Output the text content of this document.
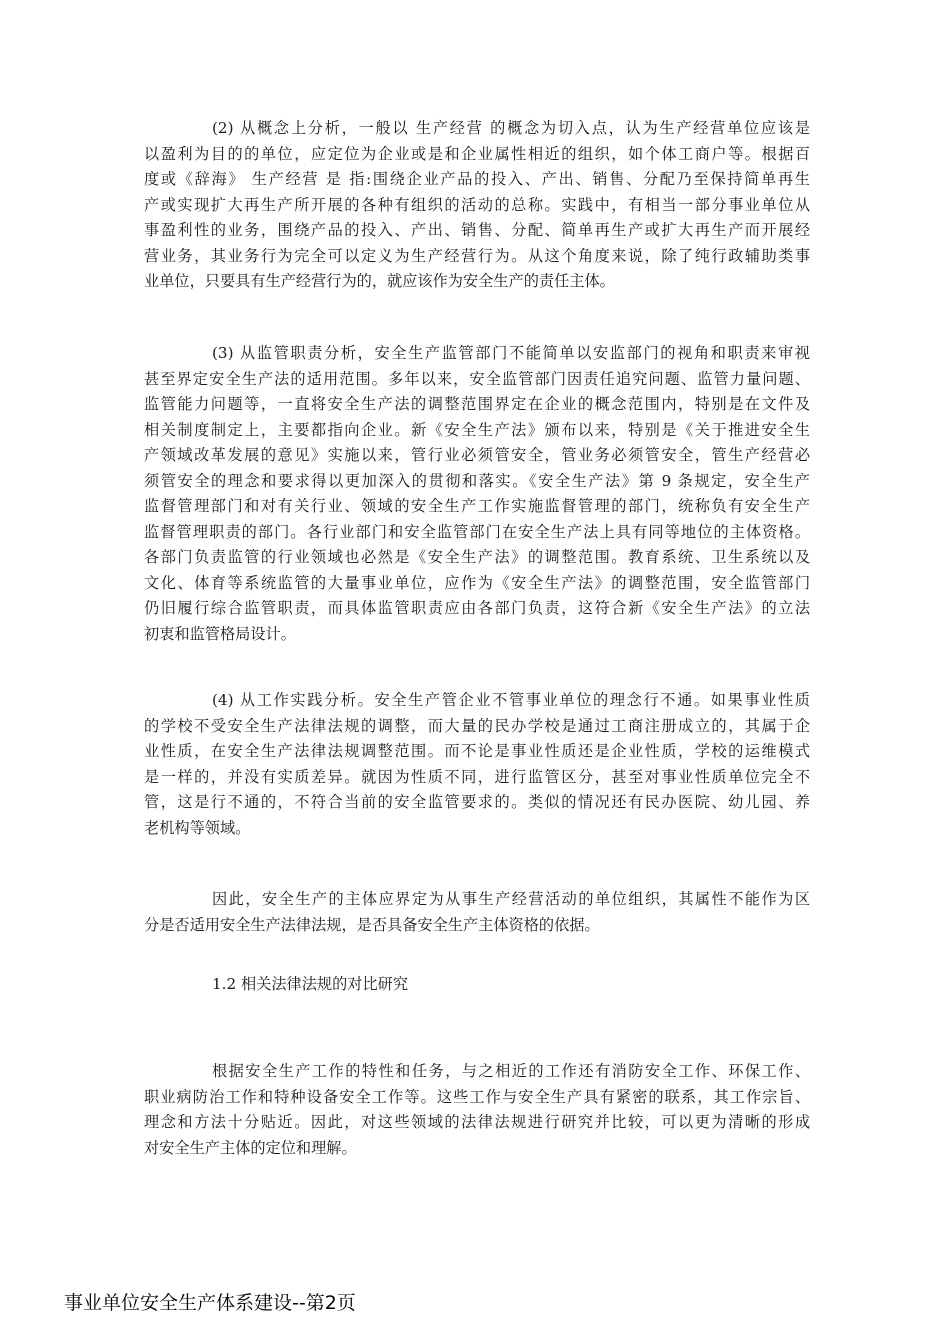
(2) 从概念上分析，一般以 生产经营 的概念为切入点，认为生产经营单位应该是
以盈利为目的的单位，应定位为企业或是和企业属性相近的组织，如个体工商户等。根据百
度或《辞海》 生产经营 是 指:围绕企业产品的投入、产出、销售、分配乃至保持简单再生
产或实现扩大再生产所开展的各种有组织的活动的总称。实践中，有相当一部分事业单位从
事盈利性的业务，围绕产品的投入、产出、销售、分配、简单再生产或扩大再生产而开展经
营业务，其业务行为完全可以定义为生产经营行为。从这个角度来说，除了纯行政辅助类事
业单位，只要具有生产经营行为的，就应该作为安全生产的责任主体。
(3) 从监管职责分析，安全生产监管部门不能简单以安监部门的视角和职责来审视
甚至界定安全生产法的适用范围。多年以来，安全监管部门因责任追究问题、监管力量问题、
监管能力问题等，一直将安全生产法的调整范围界定在企业的概念范围内，特别是在文件及
相关制度制定上，主要都指向企业。新《安全生产法》颁布以来，特别是《关于推进安全生
产领域改革发展的意见》实施以来，管行业必须管安全，管业务必须管安全，管生产经营必
须管安全的理念和要求得以更加深入的贯彻和落实。《安全生产法》第 9 条规定，安全生产
监督管理部门和对有关行业、领域的安全生产工作实施监督管理的部门，统称负有安全生产
监督管理职责的部门。各行业部门和安全监管部门在安全生产法上具有同等地位的主体资格。
各部门负责监管的行业领域也必然是《安全生产法》的调整范围。教育系统、卫生系统以及
文化、体育等系统监管的大量事业单位，应作为《安全生产法》的调整范围，安全监管部门
仍旧履行综合监管职责，而具体监管职责应由各部门负责，这符合新《安全生产法》的立法
初衷和监管格局设计。
(4) 从工作实践分析。安全生产管企业不管事业单位的理念行不通。如果事业性质
的学校不受安全生产法律法规的调整，而大量的民办学校是通过工商注册成立的，其属于企
业性质，在安全生产法律法规调整范围。而不论是事业性质还是企业性质，学校的运维模式
是一样的，并没有实质差异。就因为性质不同，进行监管区分，甚至对事业性质单位完全不
管，这是行不通的，不符合当前的安全监管要求的。类似的情况还有民办医院、幼儿园、养
老机构等领域。
因此，安全生产的主体应界定为从事生产经营活动的单位组织，其属性不能作为区
分是否适用安全生产法律法规，是否具备安全生产主体资格的依据。
1.2 相关法律法规的对比研究
根据安全生产工作的特性和任务，与之相近的工作还有消防安全工作、环保工作、
职业病防治工作和特种设备安全工作等。这些工作与安全生产具有紧密的联系，其工作宗旨、
理念和方法十分贴近。因此，对这些领域的法律法规进行研究并比较，可以更为清晰的形成
对安全生产主体的定位和理解。
事业单位安全生产体系建设--第2页
